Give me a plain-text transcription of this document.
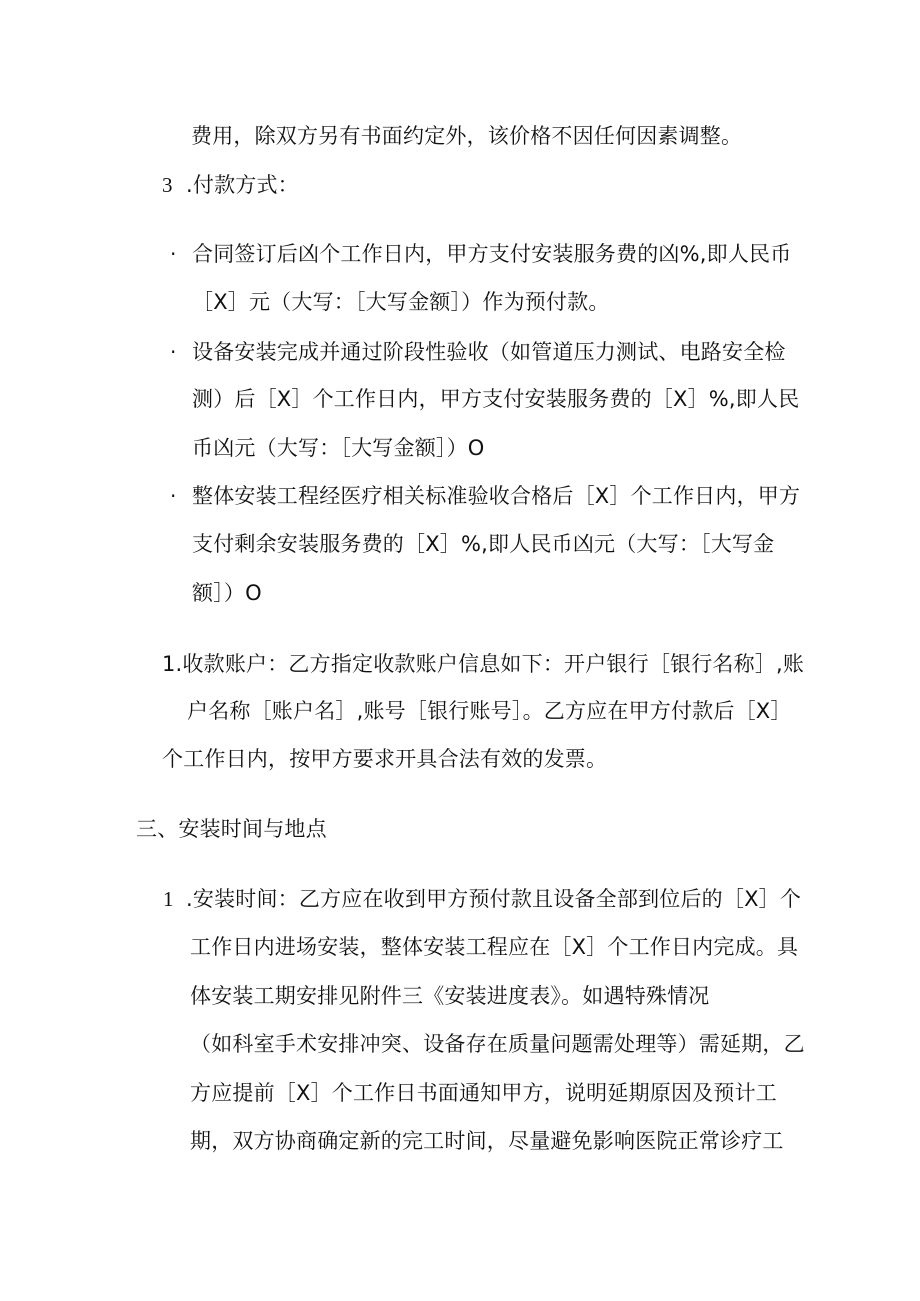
费用，除双方另有书面约定外，该价格不因任何因素调整。
3 .付款方式：
· 合同签订后凶个工作日内，甲方支付安装服务费的凶%,即人民币
［X］元（大写：［大写金额］）作为预付款。
· 设备安装完成并通过阶段性验收（如管道压力测试、电路安全检
测）后［X］个工作日内，甲方支付安装服务费的［X］%,即人民
币凶元（大写：［大写金额］）O
· 整体安装工程经医疗相关标准验收合格后［X］个工作日内，甲方
支付剩余安装服务费的［X］%,即人民币凶元（大写：［大写金
额］）O
1.收款账户：乙方指定收款账户信息如下：开户银行［银行名称］,账
户名称［账户名］,账号［银行账号］。乙方应在甲方付款后［X］
个工作日内，按甲方要求开具合法有效的发票。
三、安装时间与地点
1 .安装时间：乙方应在收到甲方预付款且设备全部到位后的［X］个
工作日内进场安装，整体安装工程应在［X］个工作日内完成。具
体安装工期安排见附件三《安装进度表》。如遇特殊情况
（如科室手术安排冲突、设备存在质量问题需处理等）需延期，乙
方应提前［X］个工作日书面通知甲方，说明延期原因及预计工
期，双方协商确定新的完工时间，尽量避免影响医院正常诊疗工
